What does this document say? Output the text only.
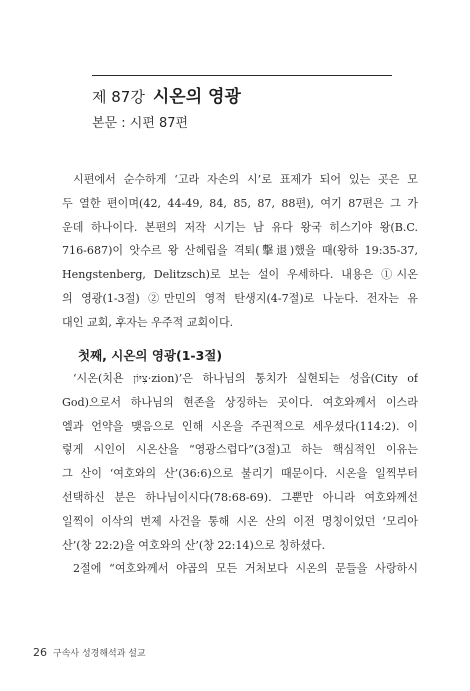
제 87강 시온의 영광
본문 : 시편 87편
시편에서 순수하게 ‘고라 자손의 시’로 표제가 되어 있는 곳은 모
두 열한 편이며(42, 44-49, 84, 85, 87, 88편), 여기 87편은 그 가
운데 하나이다. 본편의 저작 시기는 남 유다 왕국 히스기야 왕(B.C.
716-687)이 앗수르 왕 산헤립을 격퇴(擊退)했을 때(왕하 19:35-37,
Hengstenberg, Delitzsch)로 보는 설이 우세하다. 내용은 ①시온
의 영광(1-3절) ②만민의 영적 탄생지(4-7절)로 나눈다. 전자는 유
대인 교회, 후자는 우주적 교회이다.
첫째, 시온의 영광(1-3절)
‘시온(치욘 צִיּוֹן·zion)’은 하나님의 통치가 실현되는 성읍(City of
God)으로서 하나님의 현존을 상징하는 곳이다. 여호와께서 이스라
엘과 언약을 맺음으로 인해 시온을 주권적으로 세우셨다(114:2). 이
렇게 시인이 시온산을 “영광스럽다”(3절)고 하는 핵심적인 이유는
그 산이 ‘여호와의 산’(36:6)으로 불리기 때문이다. 시온을 일찍부터
선택하신 분은 하나님이시다(78:68-69). 그뿐만 아니라 여호와께선
일찍이 이삭의 번제 사건을 통해 시온 산의 이전 명칭이었던 ‘모리아
산’(창 22:2)을 여호와의 산’(창 22:14)으로 칭하셨다.
2절에 “여호와께서 야곱의 모든 거처보다 시온의 문들을 사랑하시
26 구속사 성경해석과 설교
